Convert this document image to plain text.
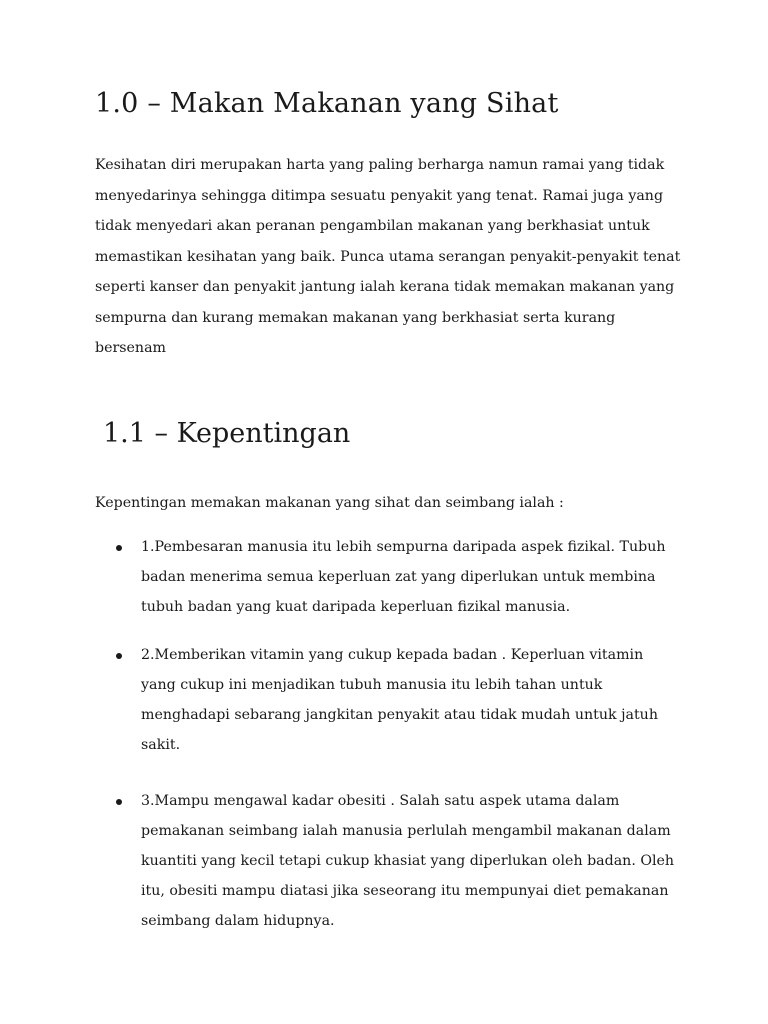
1.0 – Makan Makanan yang Sihat

Kesihatan diri merupakan harta yang paling berharga namun ramai yang tidak menyedarinya sehingga ditimpa sesuatu penyakit yang tenat. Ramai juga yang tidak menyedari akan peranan pengambilan makanan yang berkhasiat untuk memastikan kesihatan yang baik. Punca utama serangan penyakit-penyakit tenat seperti kanser dan penyakit jantung ialah kerana tidak memakan makanan yang sempurna dan kurang memakan makanan yang berkhasiat serta kurang bersenam

1.1 – Kepentingan

Kepentingan memakan makanan yang sihat dan seimbang ialah :

1.Pembesaran manusia itu lebih sempurna daripada aspek fizikal. Tubuh badan menerima semua keperluan zat yang diperlukan untuk membina tubuh badan yang kuat daripada keperluan fizikal manusia.

2.Memberikan vitamin yang cukup kepada badan . Keperluan vitamin yang cukup ini menjadikan tubuh manusia itu lebih tahan untuk menghadapi sebarang jangkitan penyakit atau tidak mudah untuk jatuh sakit.

3.Mampu mengawal kadar obesiti . Salah satu aspek utama dalam pemakanan seimbang ialah manusia perlulah mengambil makanan dalam kuantiti yang kecil tetapi cukup khasiat yang diperlukan oleh badan. Oleh itu, obesiti mampu diatasi jika seseorang itu mempunyai diet pemakanan seimbang dalam hidupnya.
